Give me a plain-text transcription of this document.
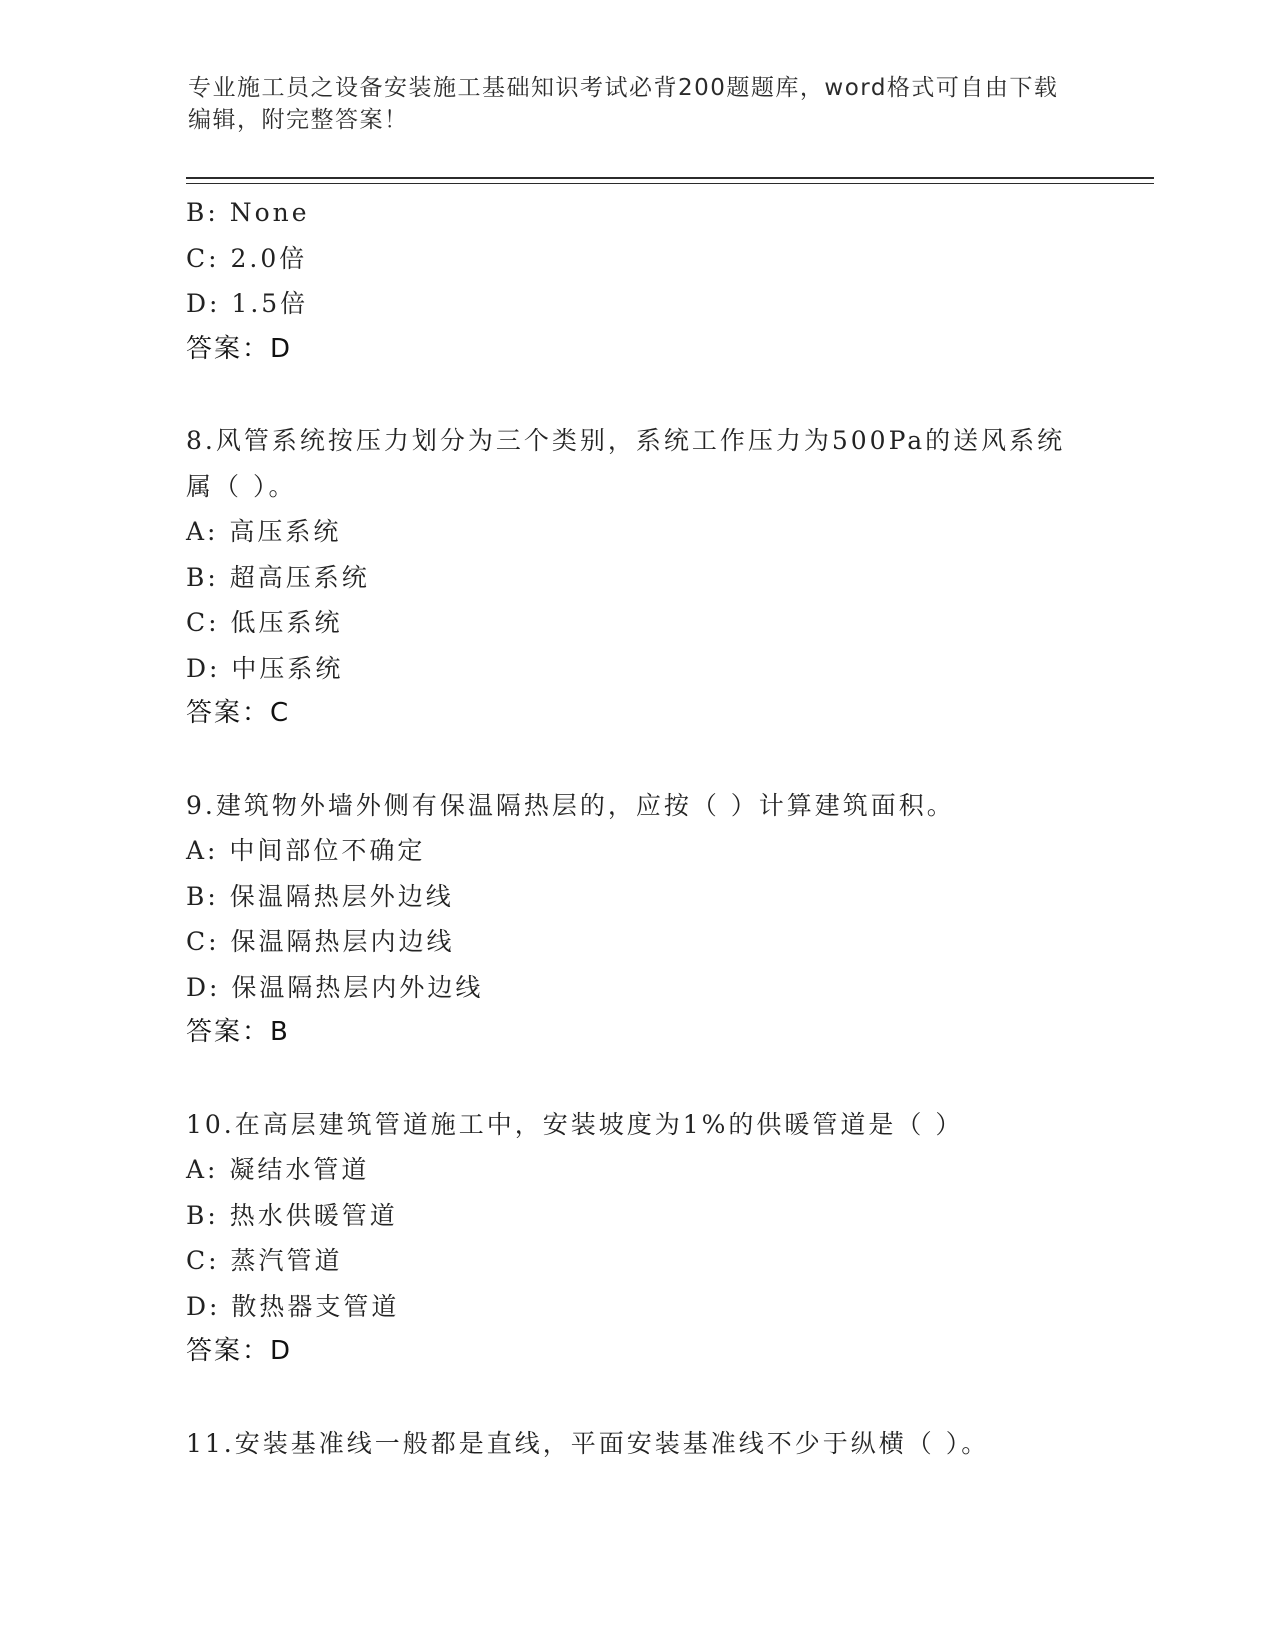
专业施工员之设备安装施工基础知识考试必背200题题库，word格式可自由下载编辑，附完整答案！
B: None
C: 2.0倍
D: 1.5倍
答案：D
8.风管系统按压力划分为三个类别，系统工作压力为500Pa的送风系统属（ ）。
A: 高压系统
B: 超高压系统
C: 低压系统
D: 中压系统
答案：C
9.建筑物外墙外侧有保温隔热层的，应按（ ）计算建筑面积。
A: 中间部位不确定
B: 保温隔热层外边线
C: 保温隔热层内边线
D: 保温隔热层内外边线
答案：B
10.在高层建筑管道施工中，安装坡度为1%的供暖管道是（ ）
A: 凝结水管道
B: 热水供暖管道
C: 蒸汽管道
D: 散热器支管道
答案：D
11.安装基准线一般都是直线，平面安装基准线不少于纵横（ ）。
